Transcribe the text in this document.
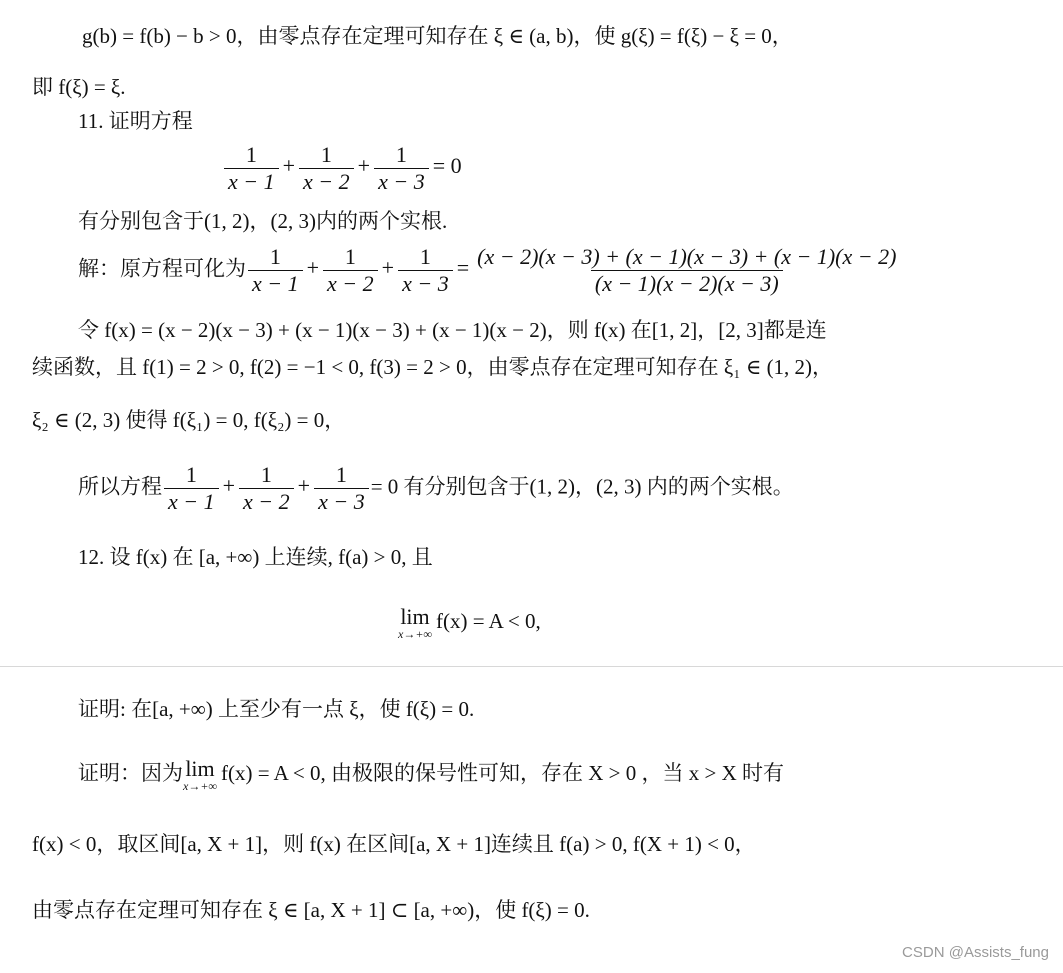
g(b) = f(b) − b > 0，由零点存在定理可知存在 ξ ∈ (a, b)，使 g(ξ) = f(ξ) − ξ = 0，
即 f(ξ) = ξ.
11. 证明方程
$\frac{1}{x - 1} + \frac{1}{x - 2} + \frac{1}{x - 3} = 0$
有分别包含于(1, 2)，(2, 3)内的两个实根.
解：原方程可化为 $\frac{1}{x - 1} + \frac{1}{x - 2} + \frac{1}{x - 3} = \frac{(x - 2)(x - 3) + (x - 1)(x - 3) + (x - 1)(x - 2)}{(x - 1)(x - 2)(x - 3)}$
令 f(x) = (x − 2)(x − 3) + (x − 1)(x − 3) + (x − 1)(x − 2)，则 f(x) 在[1, 2]，[2, 3]都是连
续函数，且 f(1) = 2 > 0, f(2) = −1 < 0, f(3) = 2 > 0，由零点存在定理可知存在 ξ₁ ∈ (1, 2)，
ξ₂ ∈ (2, 3) 使得 f(ξ₁) = 0, f(ξ₂) = 0，
所以方程 $\frac{1}{x - 1} + \frac{1}{x - 2} + \frac{1}{x - 3} = 0$ 有分别包含于(1, 2)，(2, 3) 内的两个实根。
12. 设 f(x) 在 [a, +∞) 上连续, f(a) > 0, 且
lim
x→+∞
f(x) = A < 0,
证明: 在[a, +∞) 上至少有一点 ξ，使 f(ξ) = 0.
证明：因为 lim
x→+∞
f(x) = A < 0, 由极限的保号性可知，存在 X > 0 ，当 x > X 时有
f(x) < 0，取区间[a, X + 1]，则 f(x) 在区间[a, X + 1]连续且 f(a) > 0, f(X + 1) < 0，
由零点存在定理可知存在 ξ ∈ [a, X + 1] ⊂ [a, +∞)，使 f(ξ) = 0.
CSDN @Assists_fung
